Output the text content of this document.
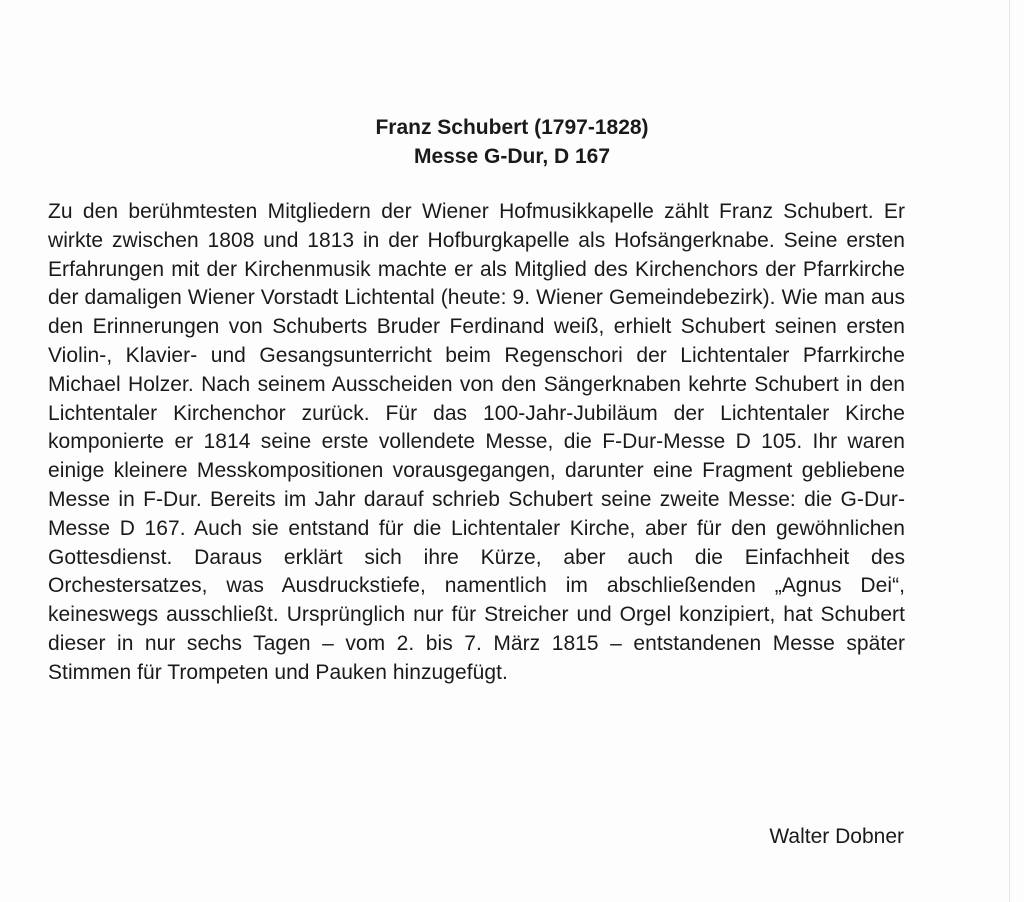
Franz Schubert (1797-1828)
Messe G-Dur, D 167
Zu den berühmtesten Mitgliedern der Wiener Hofmusikkapelle zählt Franz Schubert. Er wirkte zwischen 1808 und 1813 in der Hofburgkapelle als Hofsängerknabe. Seine ersten Erfahrungen mit der Kirchenmusik machte er als Mitglied des Kirchenchors der Pfarrkirche der damaligen Wiener Vorstadt Lichtental (heute: 9. Wiener Gemeindebezirk). Wie man aus den Erinnerungen von Schuberts Bruder Ferdinand weiß, erhielt Schubert seinen ersten Violin-, Klavier- und Gesangsunterricht beim Regenschori der Lichtentaler Pfarrkirche Michael Holzer. Nach seinem Ausscheiden von den Sängerknaben kehrte Schubert in den Lichtentaler Kirchenchor zurück. Für das 100-Jahr-Jubiläum der Lichtentaler Kirche komponierte er 1814 seine erste vollendete Messe, die F-Dur-Messe D 105. Ihr waren einige kleinere Messkompositionen vorausgegangen, darunter eine Fragment gebliebene Messe in F-Dur. Bereits im Jahr darauf schrieb Schubert seine zweite Messe: die G-Dur-Messe D 167. Auch sie entstand für die Lichtentaler Kirche, aber für den gewöhnlichen Gottesdienst. Daraus erklärt sich ihre Kürze, aber auch die Einfachheit des Orchestersatzes, was Ausdruckstiefe, namentlich im abschließenden „Agnus Dei“, keineswegs ausschließt. Ursprünglich nur für Streicher und Orgel konzipiert, hat Schubert dieser in nur sechs Tagen – vom 2. bis 7. März 1815 – entstandenen Messe später Stimmen für Trompeten und Pauken hinzugefügt.
Walter Dobner
